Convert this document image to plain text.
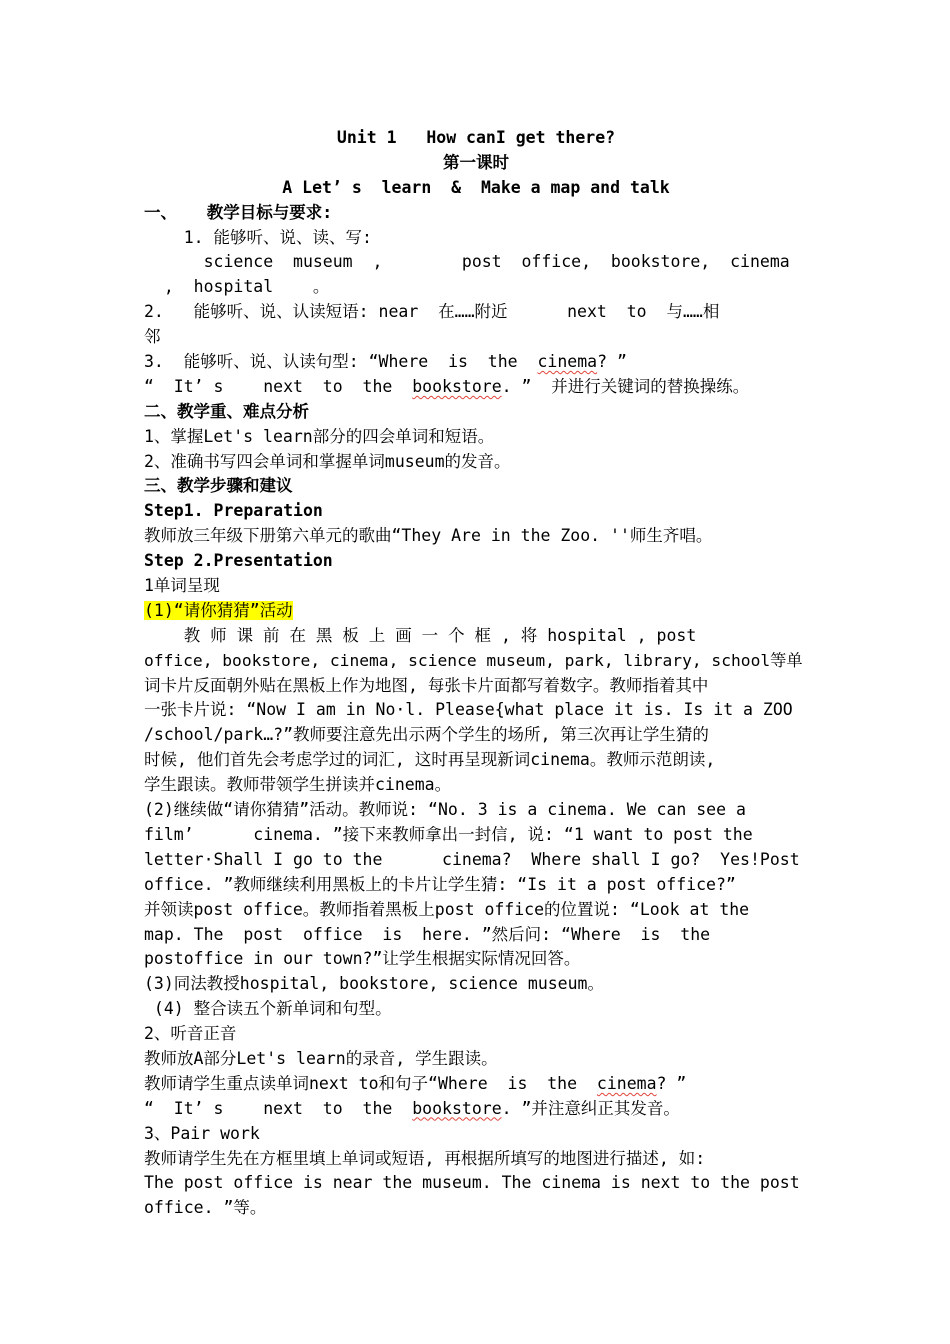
Unit 1   How canI get there?
第一课时
A Let’ s  learn  &  Make a map and talk
一、   教学目标与要求:
1. 能够听、说、读、写:
science  museum  ,        post  office,  bookstore,  cinema
,  hospital    。
2.   能够听、说、认读短语: near  在……附近      next  to  与……相
邻
3.  能够听、说、认读句型: “Where  is  the  cinema? ”
“  It’ s    next  to  the  bookstore. ”  并进行关键词的替换操练。
二、教学重、难点分析
1、掌握Let's learn部分的四会单词和短语。
2、准确书写四会单词和掌握单词museum的发音。
三、教学步骤和建议
Step1. Preparation
教师放三年级下册第六单元的歌曲“They Are in the Zoo. ''师生齐唱。
Step 2.Presentation
1单词呈现
(1)“请你猜猜”活动
教 师 课 前 在 黑 板 上 画 一 个 框 , 将 hospital , post
office, bookstore, cinema, science museum, park, library, school等单
词卡片反面朝外贴在黑板上作为地图, 每张卡片面都写着数字。教师指着其中
一张卡片说: “Now I am in No·l. Please{what place it is. Is it a ZOO
/school/park…?”教师要注意先出示两个学生的场所, 第三次再让学生猜的
时候, 他们首先会考虑学过的词汇, 这时再呈现新词cinema。教师示范朗读,
学生跟读。教师带领学生拼读并cinema。
(2)继续做“请你猜猜”活动。教师说: “No. 3 is a cinema. We can see a
film’      cinema. ”接下来教师拿出一封信, 说: “1 want to post the
letter·Shall I go to the      cinema?  Where shall I go?  Yes!Post
office. ”教师继续利用黑板上的卡片让学生猜: “Is it a post office?”
并领读post office。教师指着黑板上post office的位置说: “Look at the
map. The  post  office  is  here. ”然后问: “Where  is  the
postoffice in our town?”让学生根据实际情况回答。
(3)同法教授hospital, bookstore, science museum。
(4) 整合读五个新单词和句型。
2、听音正音
教师放A部分Let's learn的录音, 学生跟读。
教师请学生重点读单词next to和句子“Where  is  the  cinema? ”
“  It’ s    next  to  the  bookstore. ”并注意纠正其发音。
3、Pair work
教师请学生先在方框里填上单词或短语, 再根据所填写的地图进行描述, 如:
The post office is near the museum. The cinema is next to the post
office. ”等。
